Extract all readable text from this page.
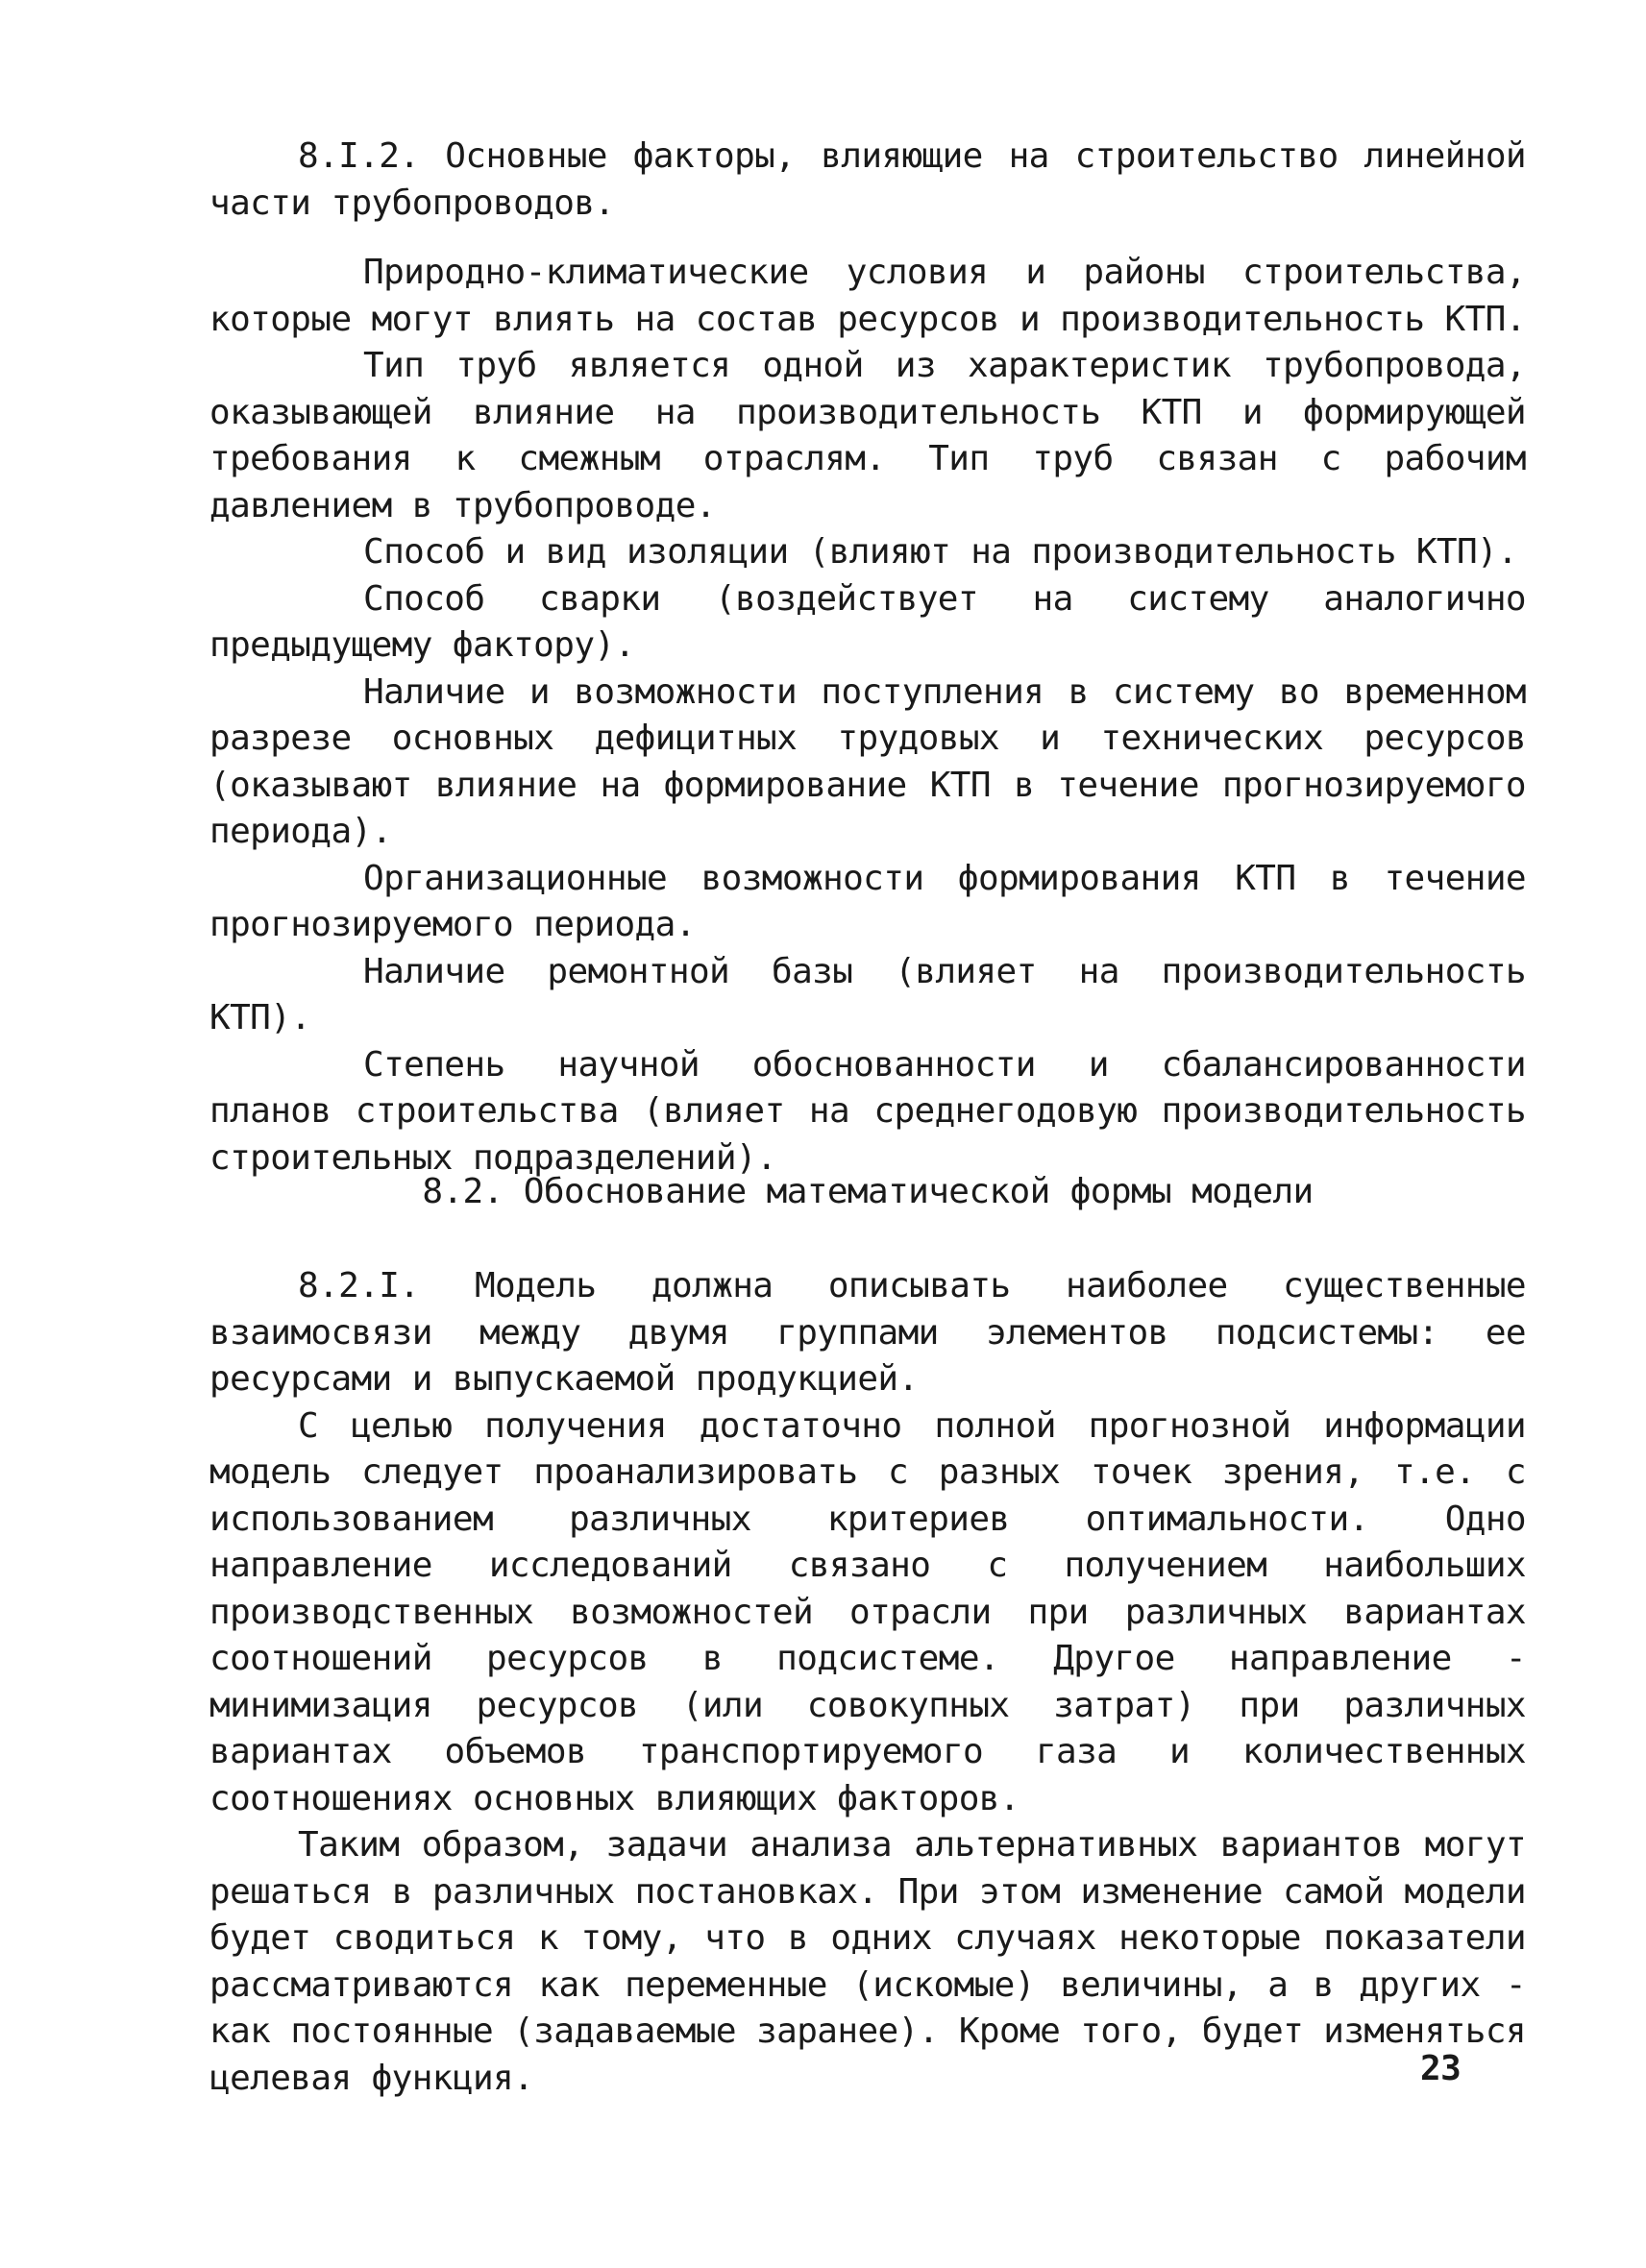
8.I.2. Основные факторы, влияющие на строительство линейной части трубопроводов.

Природно-климатические условия и районы строительства, которые могут влиять на состав ресурсов и производительность КТП.

Тип труб является одной из характеристик трубопровода, оказывающей влияние на производительность КТП и формирующей требования к смежным отраслям. Тип труб связан с рабочим давлением в трубопроводе.

Способ и вид изоляции (влияют на производительность КТП).

Способ сварки (воздействует на систему аналогично предыдущему фактору).

Наличие и возможности поступления в систему во временном разрезе основных дефицитных трудовых и технических ресурсов (оказывают влияние на формирование КТП в течение прогнозируемого периода).

Организационные возможности формирования КТП в течение прогнозируемого периода.

Наличие ремонтной базы (влияет на производительность КТП).

Степень научной обоснованности и сбалансированности планов строительства (влияет на среднегодовую производительность строительных подразделений).

8.2. Обоснование математической формы модели

8.2.I. Модель должна описывать наиболее существенные взаимосвязи между двумя группами элементов подсистемы: ее ресурсами и выпускаемой продукцией.

С целью получения достаточно полной прогнозной информации модель следует проанализировать с разных точек зрения, т.е. с использованием различных критериев оптимальности. Одно направление исследований связано с получением наибольших производственных возможностей отрасли при различных вариантах соотношений ресурсов в подсистеме. Другое направление - минимизация ресурсов (или совокупных затрат) при различных вариантах объемов транспортируемого газа и количественных соотношениях основных влияющих факторов.

Таким образом, задачи анализа альтернативных вариантов могут решаться в различных постановках. При этом изменение самой модели будет сводиться к тому, что в одних случаях некоторые показатели рассматриваются как переменные (искомые) величины, а в других - как постоянные (задаваемые заранее). Кроме того, будет изменяться целевая функция.	23
